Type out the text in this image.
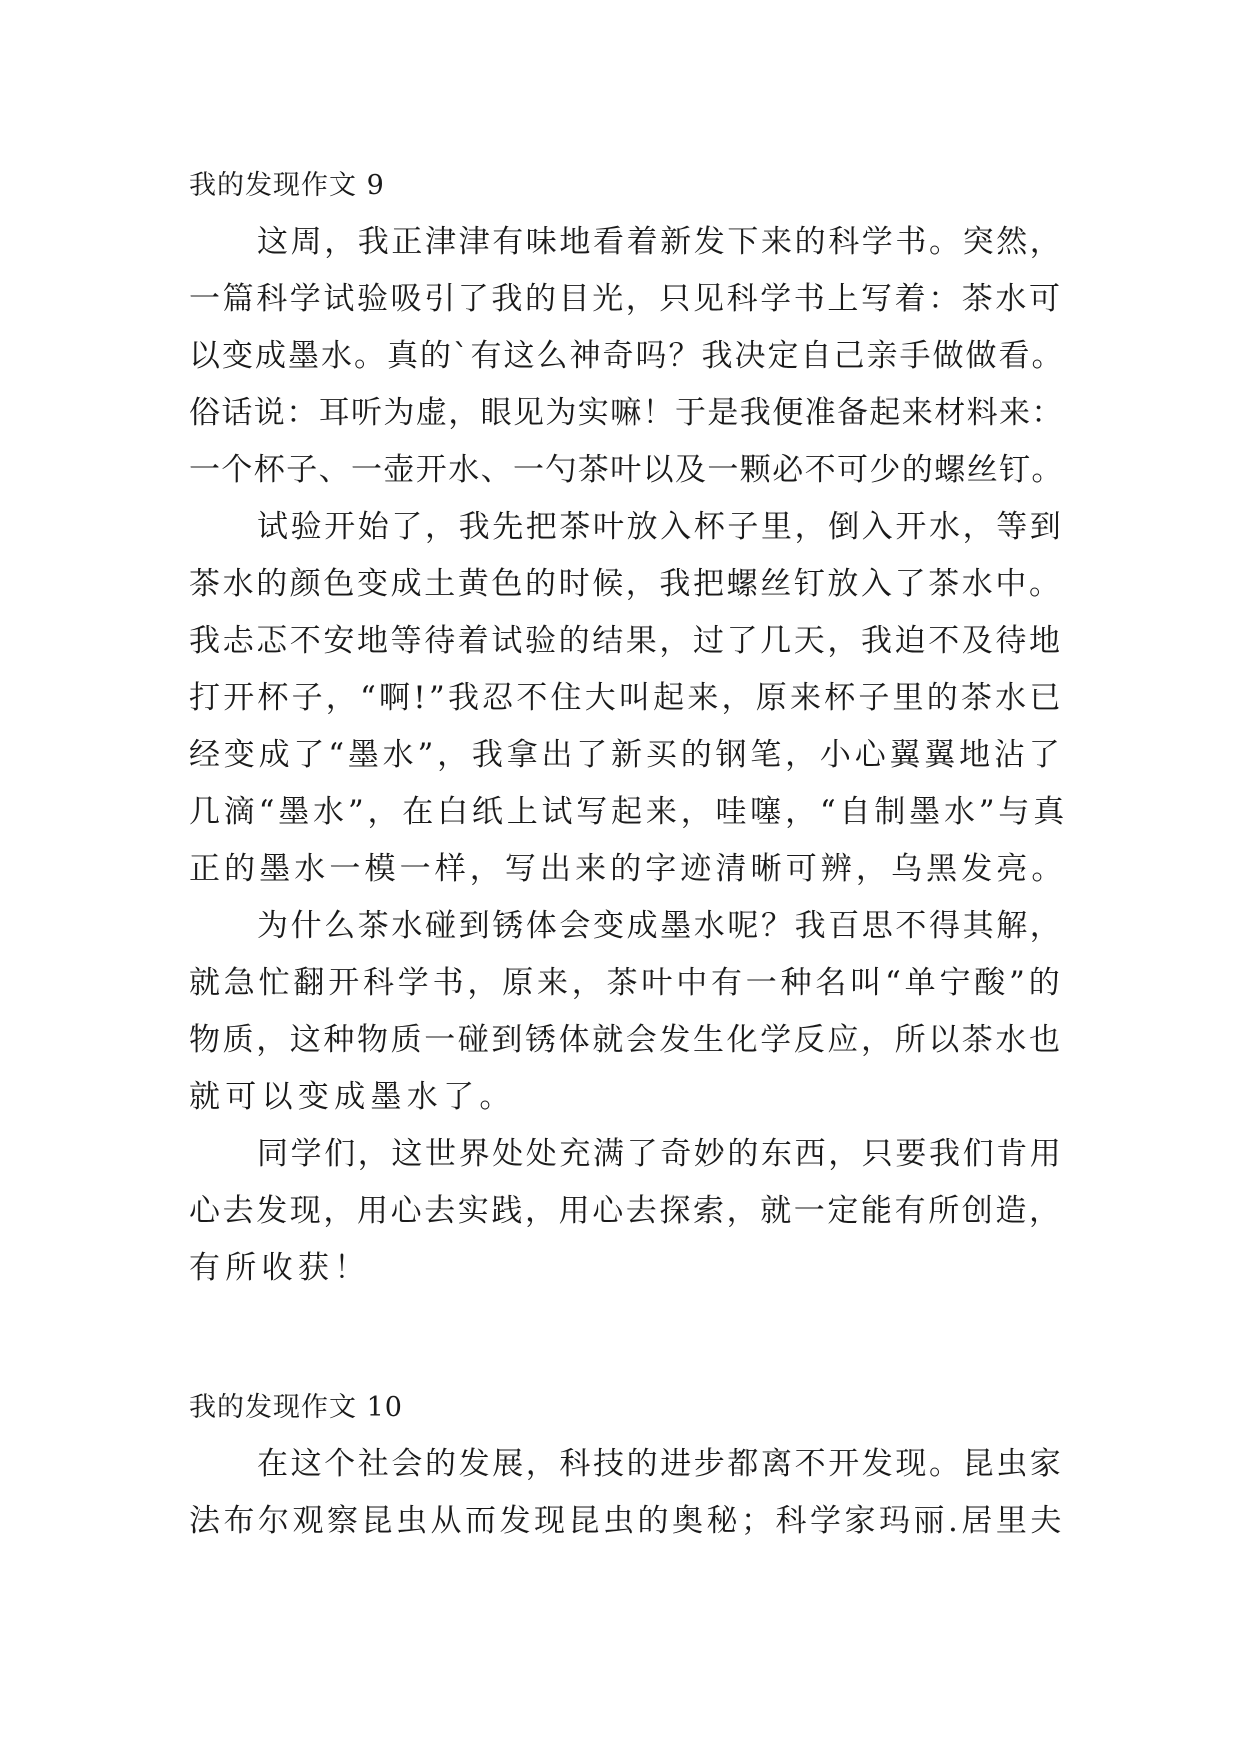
我的发现作文 9

这周，我正津津有味地看着新发下来的科学书。突然，
一篇科学试验吸引了我的目光，只见科学书上写着：茶水可
以变成墨水。真的`有这么神奇吗？我决定自己亲手做做看。
俗话说：耳听为虚，眼见为实嘛！于是我便准备起来材料来：
一个杯子、一壶开水、一勺茶叶以及一颗必不可少的螺丝钉。

试验开始了，我先把茶叶放入杯子里，倒入开水，等到
茶水的颜色变成土黄色的时候，我把螺丝钉放入了茶水中。
我忐忑不安地等待着试验的结果，过了几天，我迫不及待地
打开杯子，“啊!”我忍不住大叫起来，原来杯子里的茶水已
经变成了“墨水”，我拿出了新买的钢笔，小心翼翼地沾了
几滴“墨水”，在白纸上试写起来，哇噻，“自制墨水”与真
正的墨水一模一样，写出来的字迹清晰可辨，乌黑发亮。

为什么茶水碰到锈体会变成墨水呢？我百思不得其解，
就急忙翻开科学书，原来，茶叶中有一种名叫“单宁酸”的
物质，这种物质一碰到锈体就会发生化学反应，所以茶水也
就可以变成墨水了。

同学们，这世界处处充满了奇妙的东西，只要我们肯用
心去发现，用心去实践，用心去探索，就一定能有所创造，
有所收获！

我的发现作文 10

在这个社会的发展，科技的进步都离不开发现。昆虫家
法布尔观察昆虫从而发现昆虫的奥秘；科学家玛丽.居里夫
